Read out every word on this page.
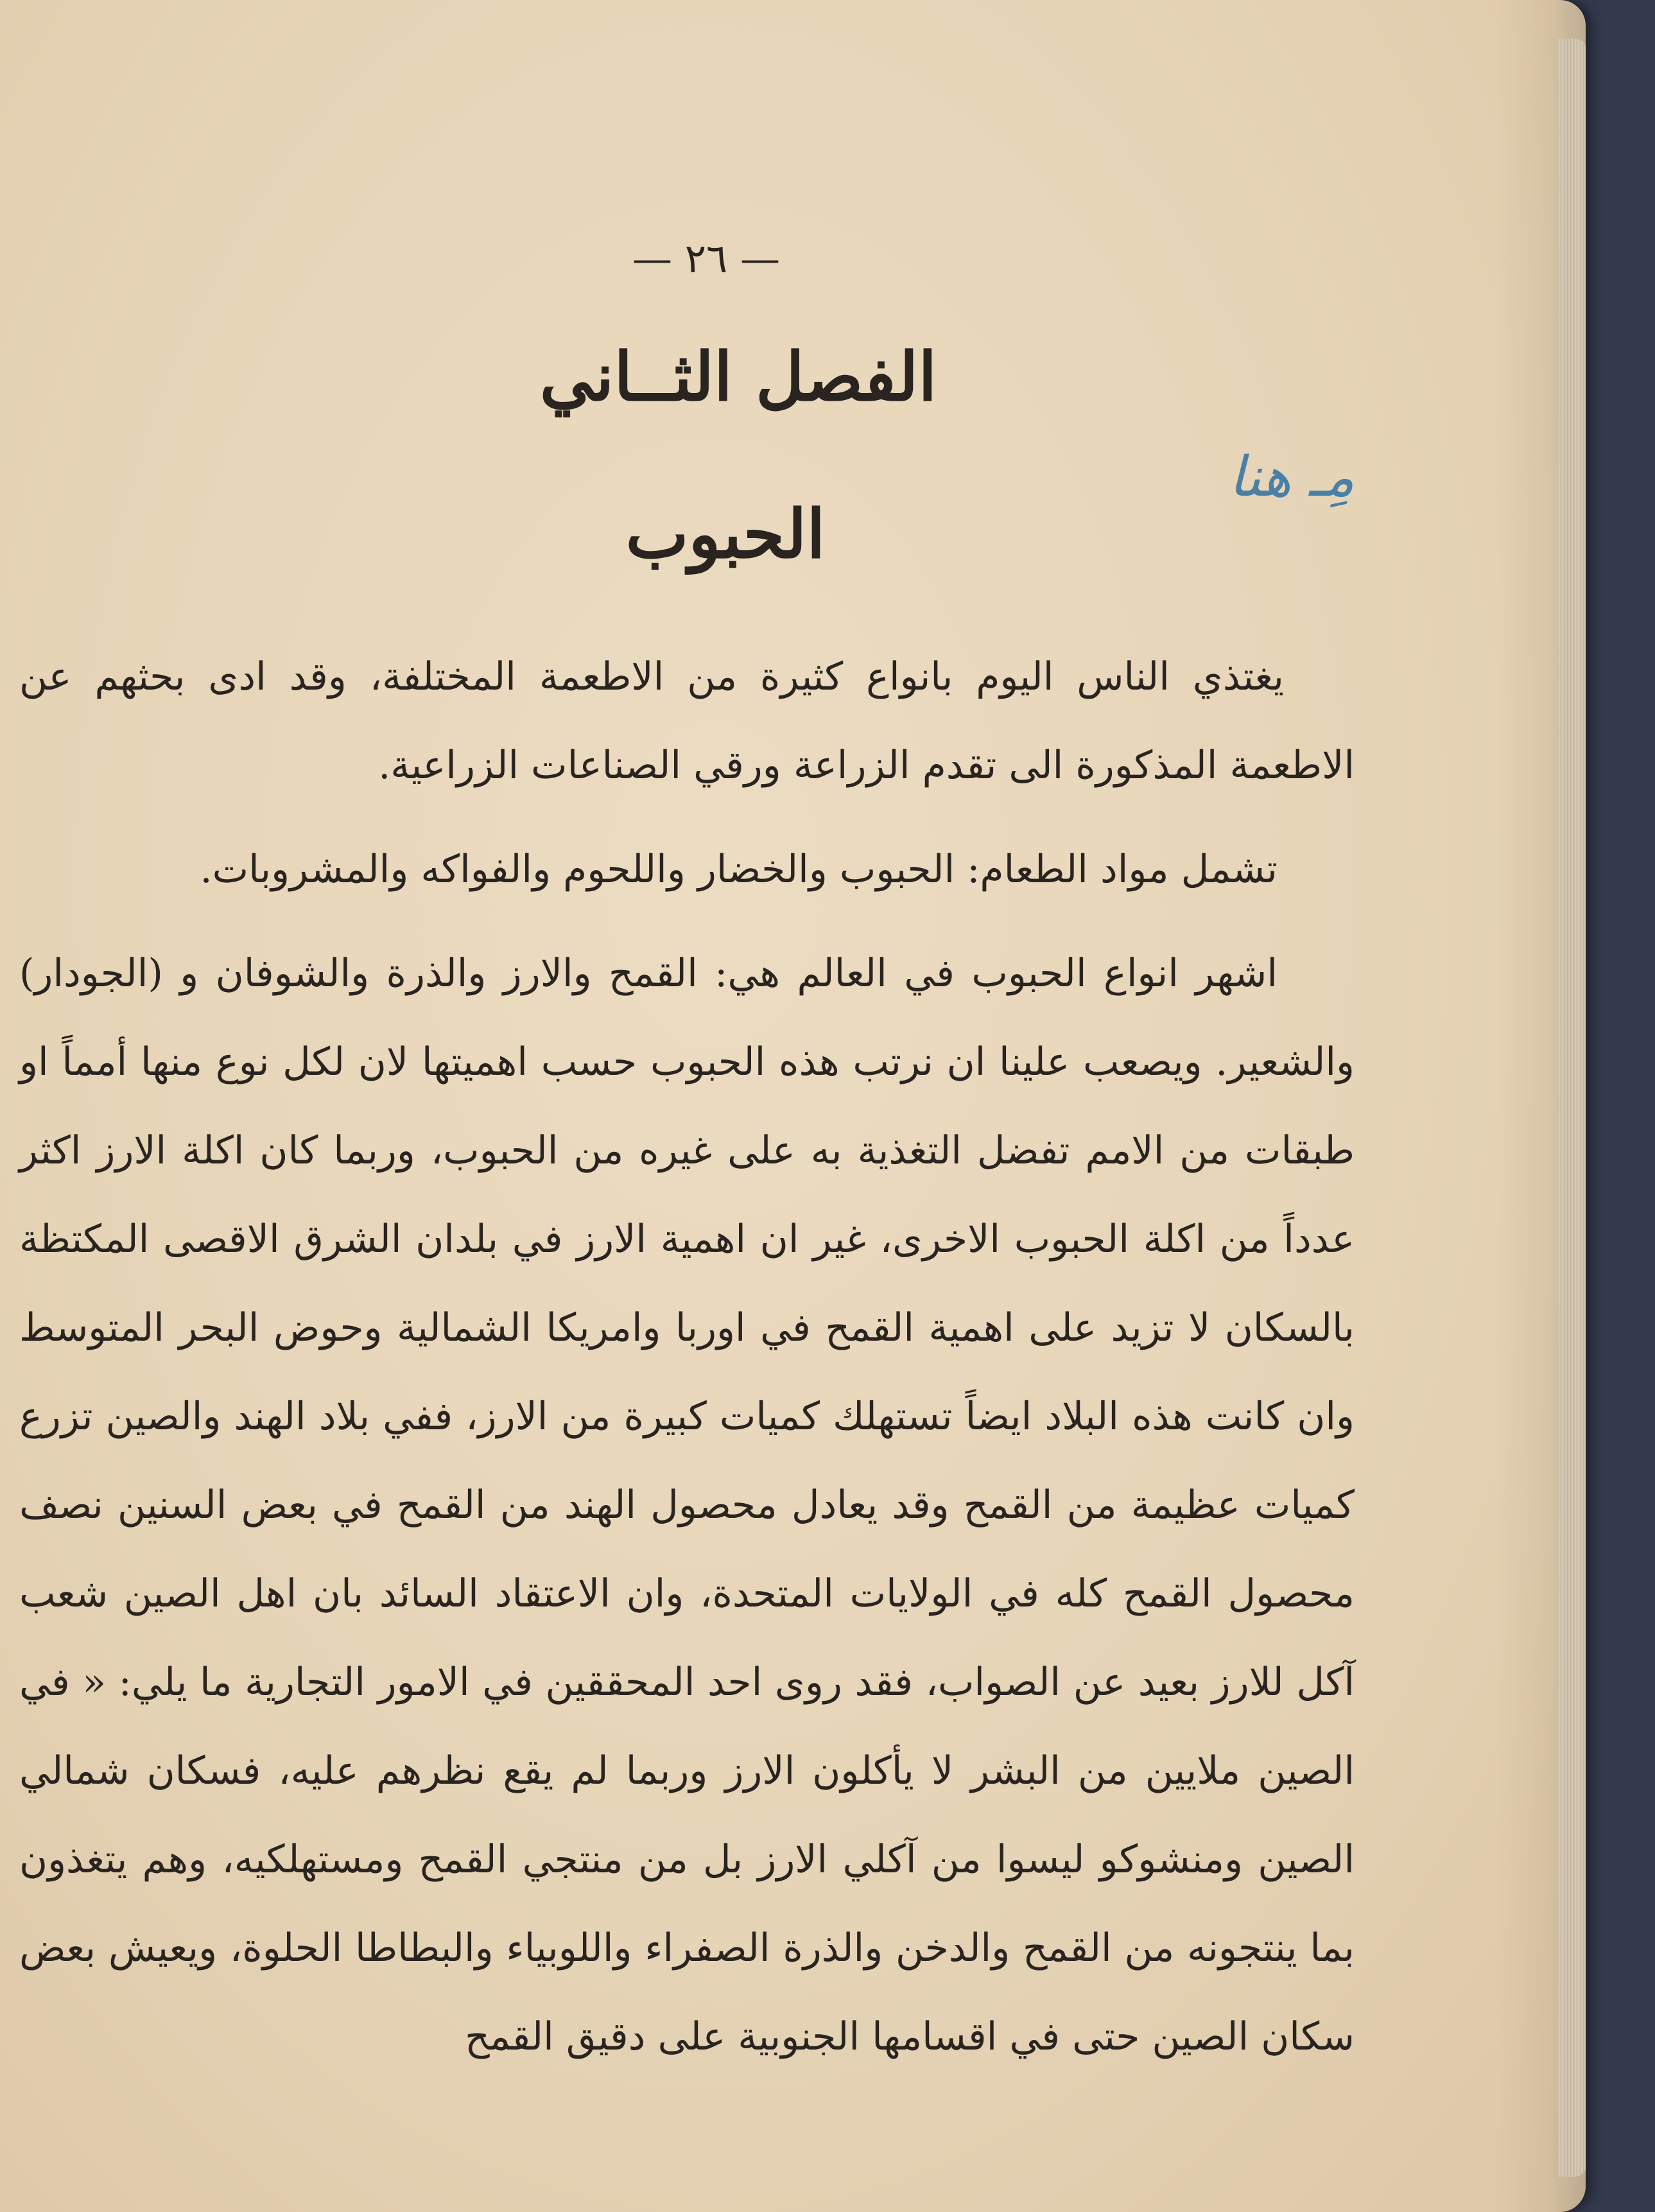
— ٢٦ —
الفصل الثــاني
مِـ هنا
الحبوب

يغتذي الناس اليوم بانواع كثيرة من الاطعمة المختلفة، وقد ادى بحثهم عن الاطعمة المذكورة الى تقدم الزراعة ورقي الصناعات الزراعية.

تشمل مواد الطعام: الحبوب والخضار واللحوم والفواكه والمشروبات.

اشهر انواع الحبوب في العالم هي: القمح والارز والذرة والشوفان و (الجودار) والشعير. ويصعب علينا ان نرتب هذه الحبوب حسب اهميتها لان لكل نوع منها أمماً او طبقات من الامم تفضل التغذية به على غيره من الحبوب، وربما كان اكلة الارز اكثر عدداً من اكلة الحبوب الاخرى، غير ان اهمية الارز في بلدان الشرق الاقصى المكتظة بالسكان لا تزيد على اهمية القمح في اوربا وامريكا الشمالية وحوض البحر المتوسط وان كانت هذه البلاد ايضاً تستهلك كميات كبيرة من الارز، ففي بلاد الهند والصين تزرع كميات عظيمة من القمح وقد يعادل محصول الهند من القمح في بعض السنين نصف محصول القمح كله في الولايات المتحدة، وان الاعتقاد السائد بان اهل الصين شعب آكل للارز بعيد عن الصواب، فقد روى احد المحققين في الامور التجارية ما يلي: « في الصين ملايين من البشر لا يأكلون الارز وربما لم يقع نظرهم عليه، فسكان شمالي الصين ومنشوكو ليسوا من آكلي الارز بل من منتجي القمح ومستهلكيه، وهم يتغذون بما ينتجونه من القمح والدخن والذرة الصفراء واللوبياء والبطاطا الحلوة، ويعيش بعض سكان الصين حتى في اقسامها الجنوبية على دقيق القمح
